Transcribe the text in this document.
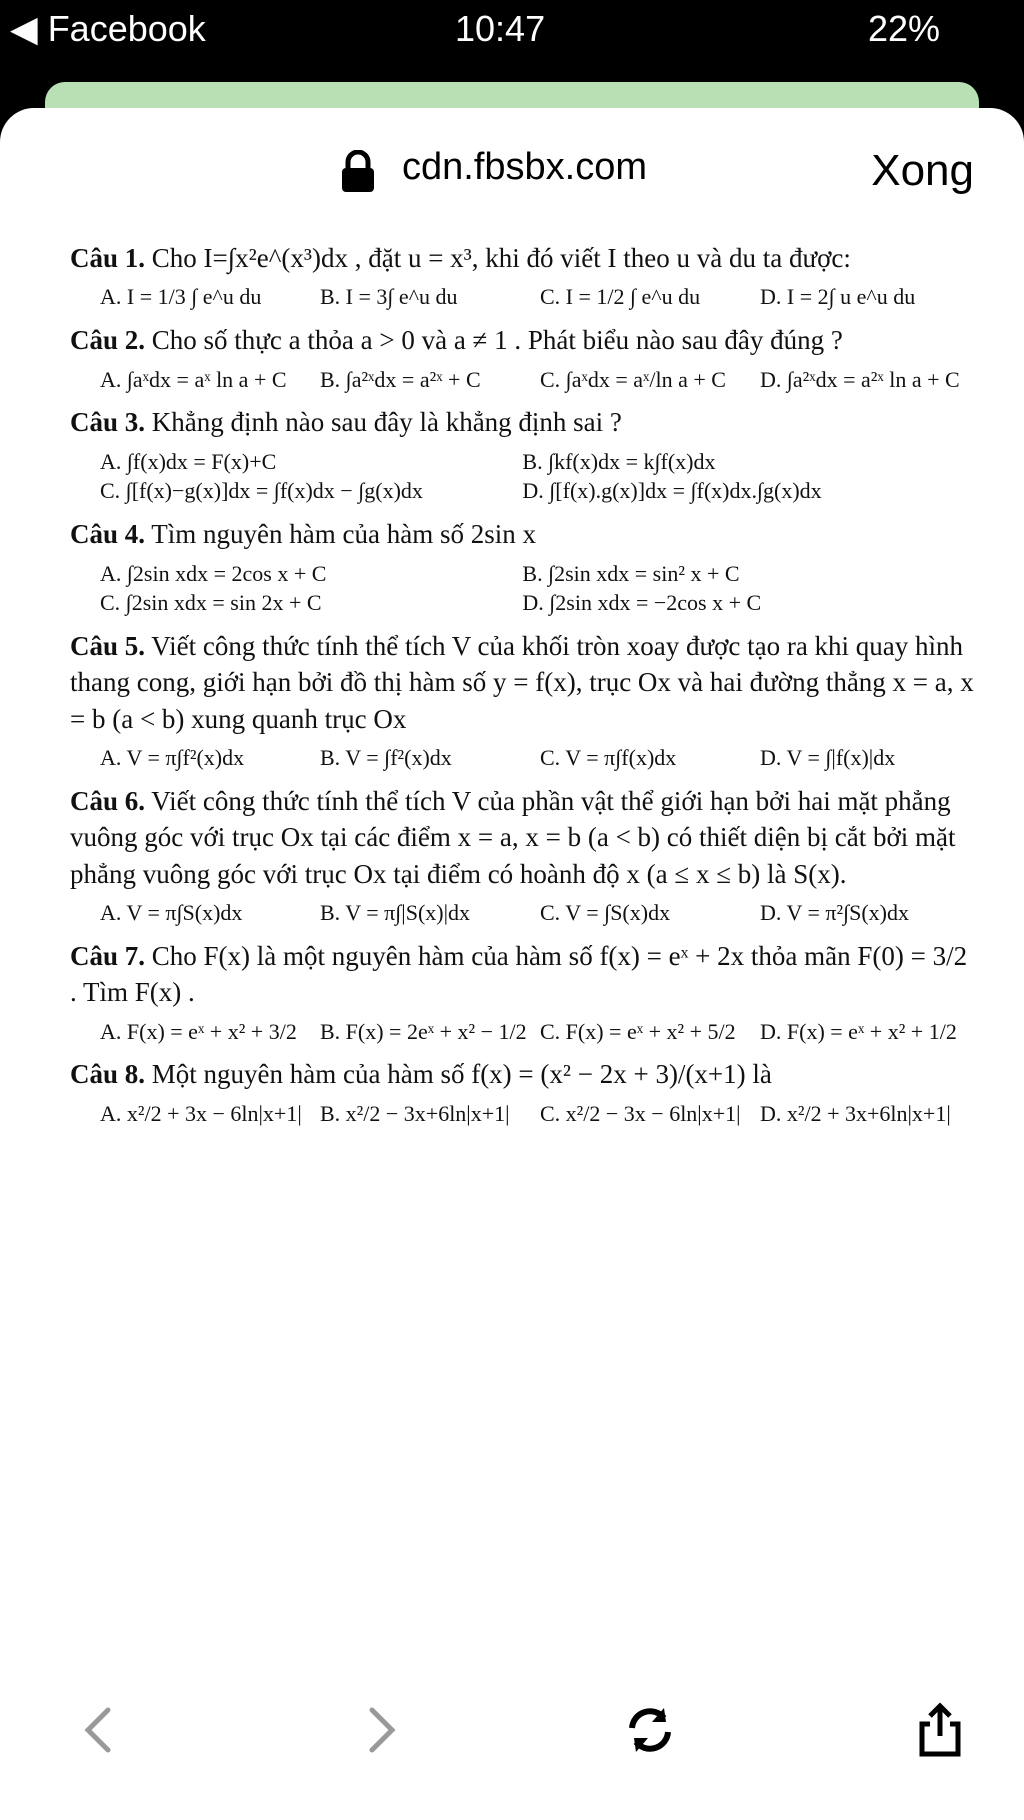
◀ Facebook	10:47	22%
cdn.fbsbx.com	Xong
Câu 1. Cho I=∫x²e^(x³)dx , đặt u = x³, khi đó viết I theo u và du ta được:
A. I = 1/3 ∫ e^u du	B. I = 3∫ e^u du	C. I = 1/2 ∫ e^u du	D. I = 2∫ u e^u du
Câu 2. Cho số thực a thỏa a > 0 và a ≠ 1 . Phát biểu nào sau đây đúng ?
A. ∫aˣdx = aˣ ln a + C	B. ∫a²ˣdx = a²ˣ + C	C. ∫aˣdx = aˣ/ln a + C	D. ∫a²ˣdx = a²ˣ ln a + C
Câu 3. Khẳng định nào sau đây là khẳng định sai ?
A. ∫f(x)dx = F(x)+C	B. ∫kf(x)dx = k∫f(x)dx
C. ∫[f(x)−g(x)]dx = ∫f(x)dx − ∫g(x)dx	D. ∫[f(x).g(x)]dx = ∫f(x)dx.∫g(x)dx
Câu 4. Tìm nguyên hàm của hàm số 2sin x
A. ∫2sin xdx = 2cos x + C	B. ∫2sin xdx = sin² x + C
C. ∫2sin xdx = sin 2x + C	D. ∫2sin xdx = −2cos x + C
Câu 5. Viết công thức tính thể tích V của khối tròn xoay được tạo ra khi quay hình thang cong, giới hạn bởi đồ thị hàm số y = f(x), trục Ox và hai đường thẳng x = a, x = b (a < b) xung quanh trục Ox
A. V = π∫f²(x)dx	B. V = ∫f²(x)dx	C. V = π∫f(x)dx	D. V = ∫|f(x)|dx
Câu 6. Viết công thức tính thể tích V của phần vật thể giới hạn bởi hai mặt phẳng vuông góc với trục Ox tại các điểm x = a, x = b (a < b) có thiết diện bị cắt bởi mặt phẳng vuông góc với trục Ox tại điểm có hoành độ x (a ≤ x ≤ b) là S(x).
A. V = π∫S(x)dx	B. V = π∫|S(x)|dx	C. V = ∫S(x)dx	D. V = π²∫S(x)dx
Câu 7. Cho F(x) là một nguyên hàm của hàm số f(x) = eˣ + 2x thỏa mãn F(0) = 3/2 . Tìm F(x) .
A. F(x) = eˣ + x² + 3/2	B. F(x) = 2eˣ + x² − 1/2 C. F(x) = eˣ + x² + 5/2	D. F(x) = eˣ + x² + 1/2
Câu 8. Một nguyên hàm của hàm số f(x) = (x² − 2x + 3)/(x+1) là
A. x²/2 + 3x − 6ln|x+1| B. x²/2 − 3x+6ln|x+1|	C. x²/2 − 3x − 6ln|x+1| D. x²/2 + 3x+6ln|x+1|
